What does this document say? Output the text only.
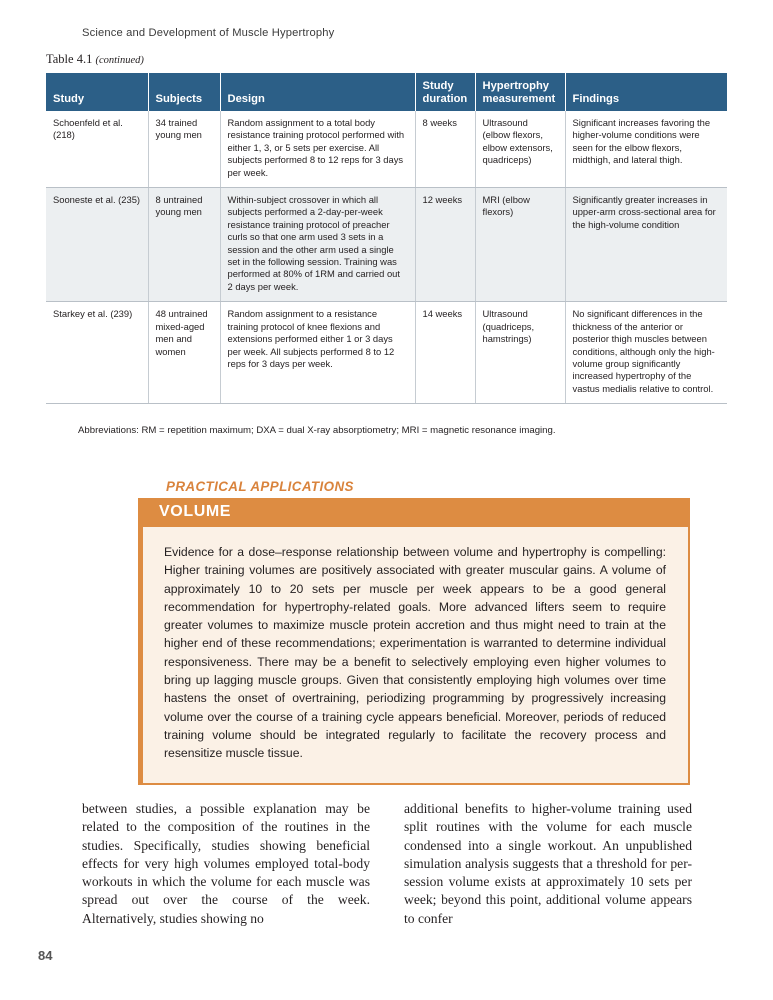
Science and Development of Muscle Hypertrophy
Table 4.1 (continued)
Study	Subjects	Design	Study duration	Hypertrophy measurement	Findings
Schoenfeld et al. (218)	34 trained young men	Random assignment to a total body resistance training protocol performed with either 1, 3, or 5 sets per exercise. All subjects performed 8 to 12 reps for 3 days per week.	8 weeks	Ultrasound (elbow flexors, elbow extensors, quadriceps)	Significant increases favoring the higher-volume conditions were seen for the elbow flexors, midthigh, and lateral thigh.
Sooneste et al. (235)	8 untrained young men	Within-subject crossover in which all subjects performed a 2-day-per-week resistance training protocol of preacher curls so that one arm used 3 sets in a session and the other arm used a single set in the following session. Training was performed at 80% of 1RM and carried out 2 days per week.	12 weeks	MRI (elbow flexors)	Significantly greater increases in upper-arm cross-sectional area for the high-volume condition
Starkey et al. (239)	48 untrained mixed-aged men and women	Random assignment to a resistance training protocol of knee flexions and extensions performed either 1 or 3 days per week. All subjects performed 8 to 12 reps for 3 days per week.	14 weeks	Ultrasound (quadriceps, hamstrings)	No significant differences in the thickness of the anterior or posterior thigh muscles between conditions, although only the high-volume group significantly increased hypertrophy of the vastus medialis relative to control.
Abbreviations: RM = repetition maximum; DXA = dual X-ray absorptiometry; MRI = magnetic resonance imaging.
PRACTICAL APPLICATIONS
VOLUME
Evidence for a dose–response relationship between volume and hypertrophy is compelling: Higher training volumes are positively associated with greater muscular gains. A volume of approximately 10 to 20 sets per muscle per week appears to be a good general recommendation for hypertrophy-related goals. More advanced lifters seem to require greater volumes to maximize muscle protein accretion and thus might need to train at the higher end of these recommendations; experimentation is warranted to determine individual responsiveness. There may be a benefit to selectively employing even higher volumes to bring up lagging muscle groups. Given that consistently employing high volumes over time hastens the onset of overtraining, periodizing programming by progressively increasing volume over the course of a training cycle appears beneficial. Moreover, periods of reduced training volume should be integrated regularly to facilitate the recovery process and resensitize muscle tissue.
between studies, a possible explanation may be related to the composition of the routines in the studies. Specifically, studies showing beneficial effects for very high volumes employed total-body workouts in which the volume for each muscle was spread out over the course of the week. Alternatively, studies showing no
additional benefits to higher-volume training used split routines with the volume for each muscle condensed into a single workout. An unpublished simulation analysis suggests that a threshold for per-session volume exists at approximately 10 sets per week; beyond this point, additional volume appears to confer
84
